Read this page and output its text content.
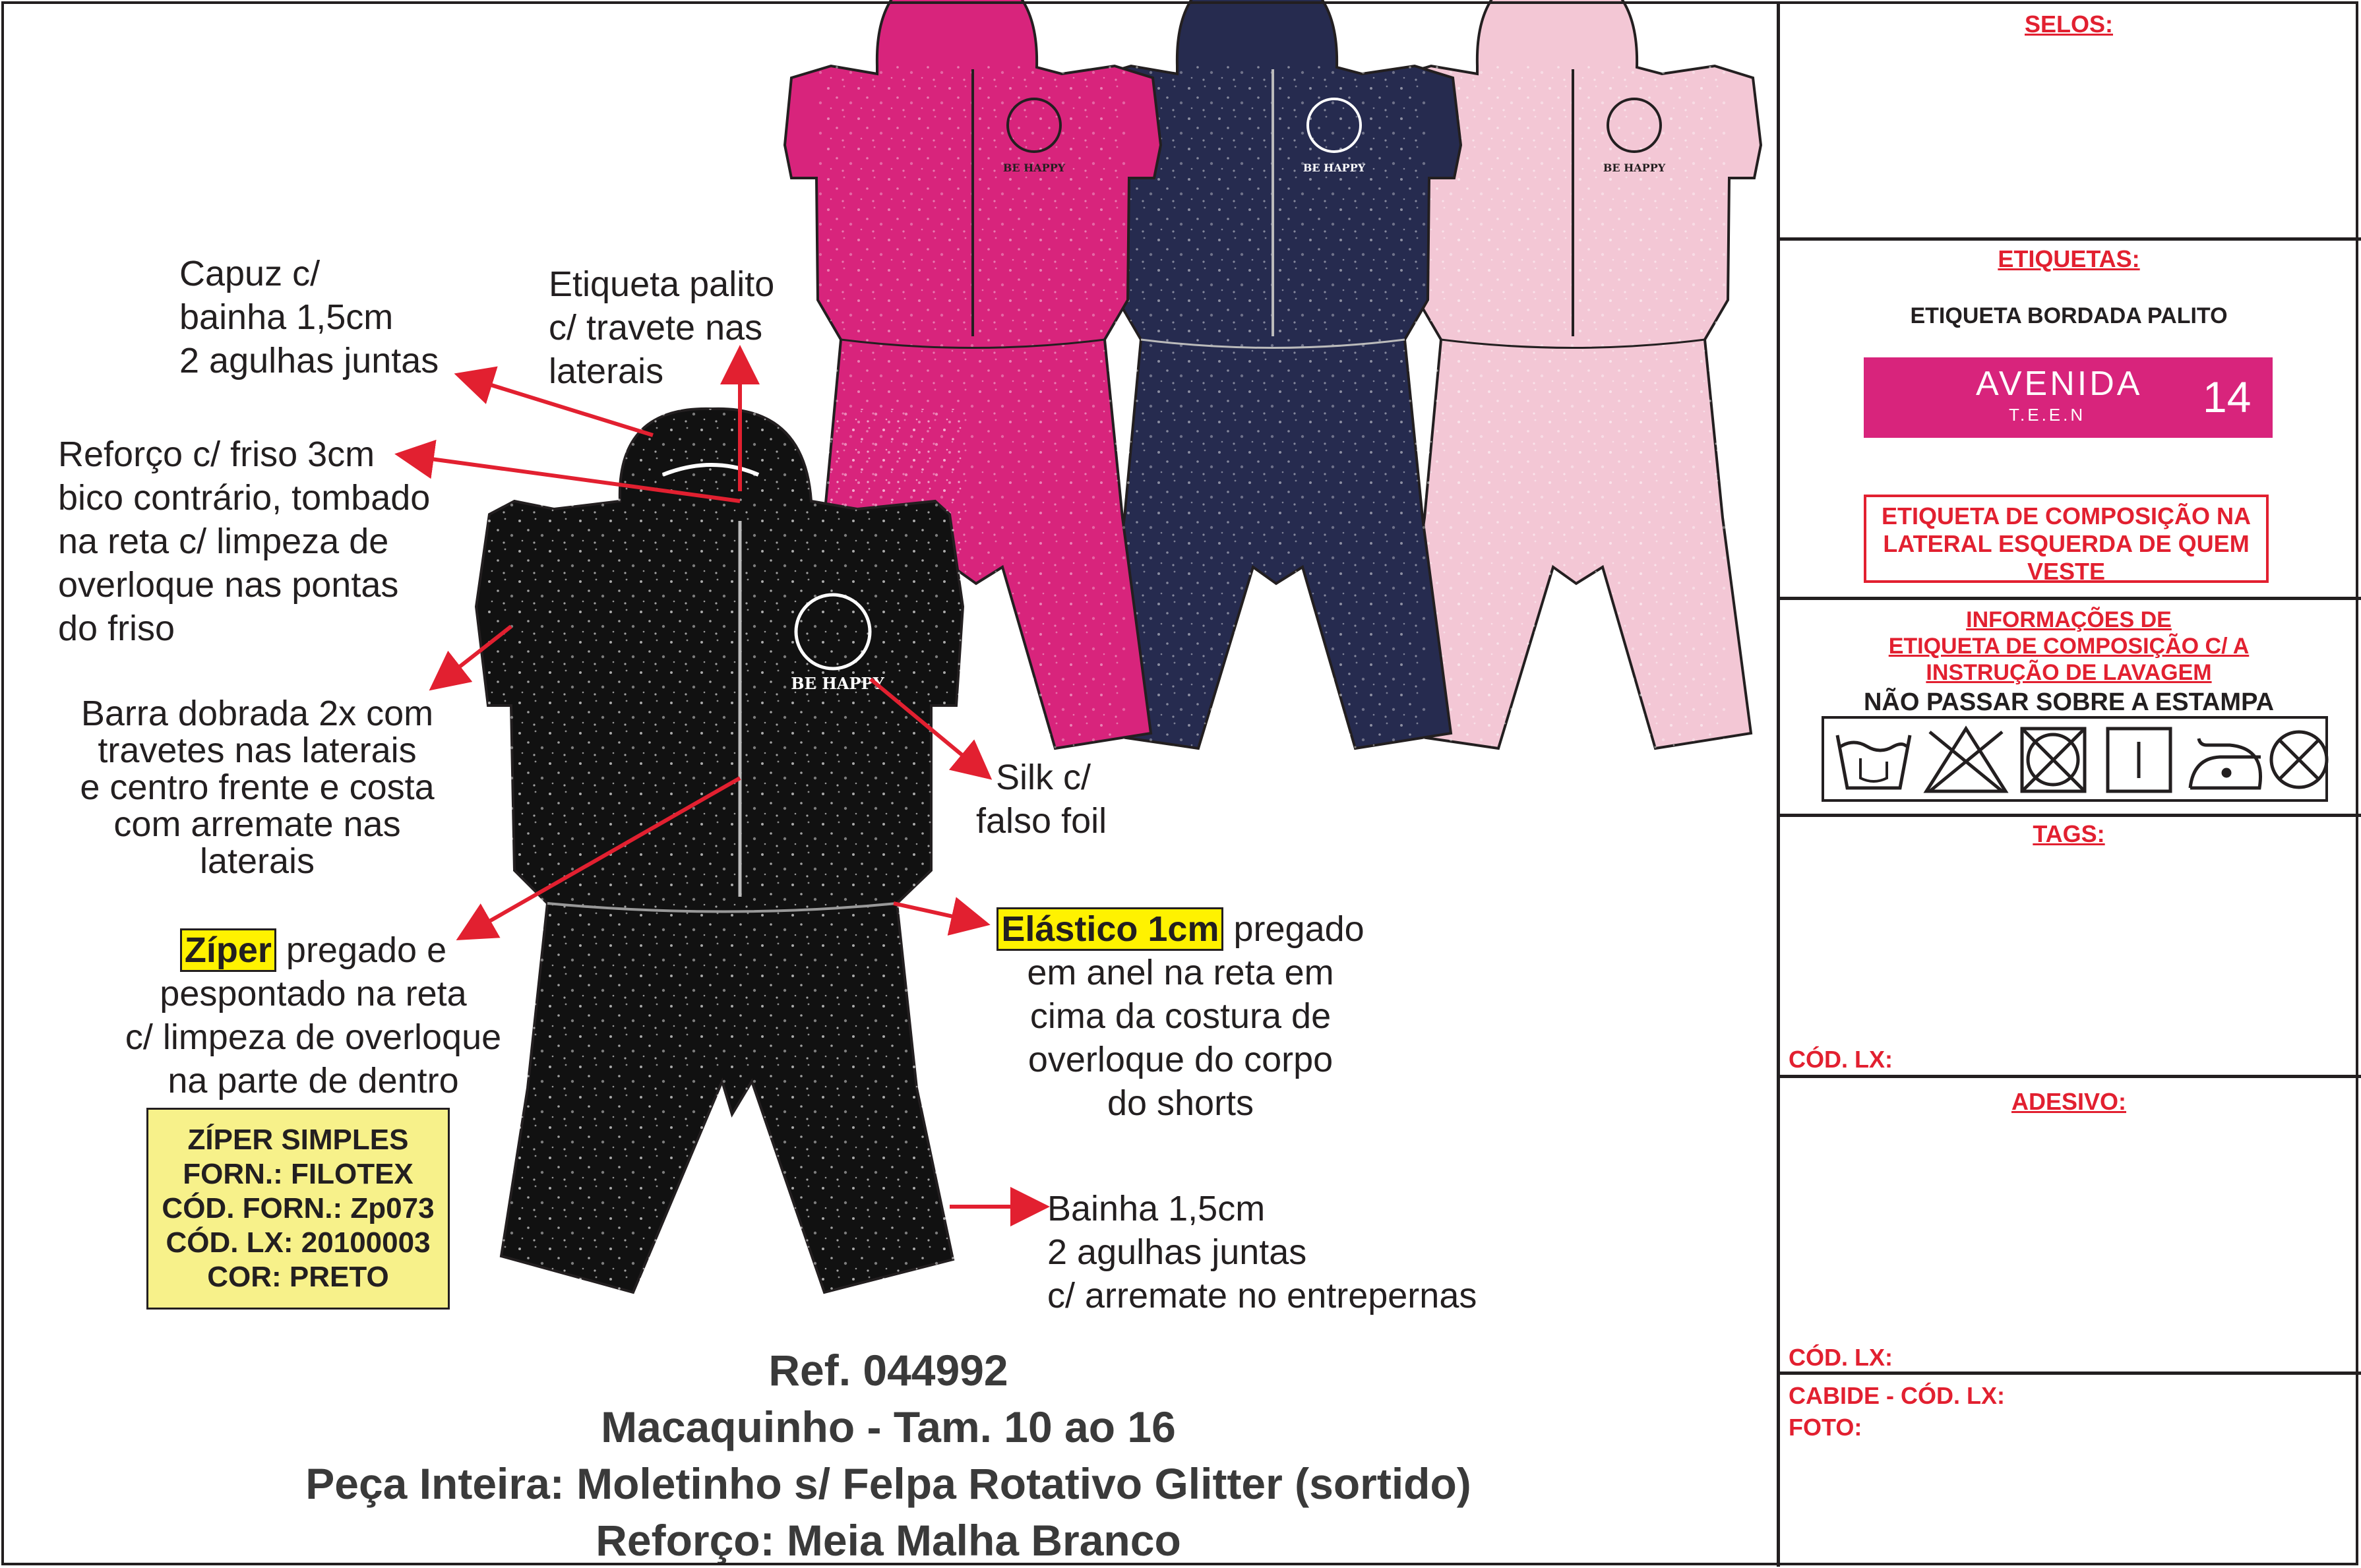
BE HAPPY
BE HAPPY
BE HAPPY
BE HAPPY
Capuz c/
bainha 1,5cm
2 agulhas juntas
Etiqueta palito
c/ travete nas
laterais
Reforço c/ friso 3cm
bico contrário, tombado
na reta c/ limpeza de
overloque nas pontas
do friso
Barra dobrada 2x com
travetes nas laterais
e centro frente e costa
com arremate nas
laterais
Silk c/
falso foil
Zíper pregado e
pespontado na reta
c/ limpeza de overloque
na parte de dentro
Elástico 1cm pregado
em anel na reta em
cima da costura de
overloque do corpo
do shorts
Bainha 1,5cm
2 agulhas juntas
c/ arremate no entrepernas
ZÍPER SIMPLES
FORN.: FILOTEX
CÓD. FORN.: Zp073
CÓD. LX: 20100003
COR: PRETO
Ref. 044992
Macaquinho - Tam. 10 ao 16
Peça Inteira: Moletinho s/ Felpa Rotativo Glitter (sortido)
Reforço: Meia Malha Branco
SELOS:
ETIQUETAS:
ETIQUETA BORDADA PALITO
AVENIDA
T.E.E.N	14
ETIQUETA DE COMPOSIÇÃO NA
LATERAL ESQUERDA DE QUEM
VESTE
INFORMAÇÕES DE
ETIQUETA DE COMPOSIÇÃO C/ A
INSTRUÇÃO DE LAVAGEM
NÃO PASSAR SOBRE A ESTAMPA
TAGS:
CÓD. LX:
ADESIVO:
CÓD. LX:
CABIDE - CÓD. LX:
FOTO:
